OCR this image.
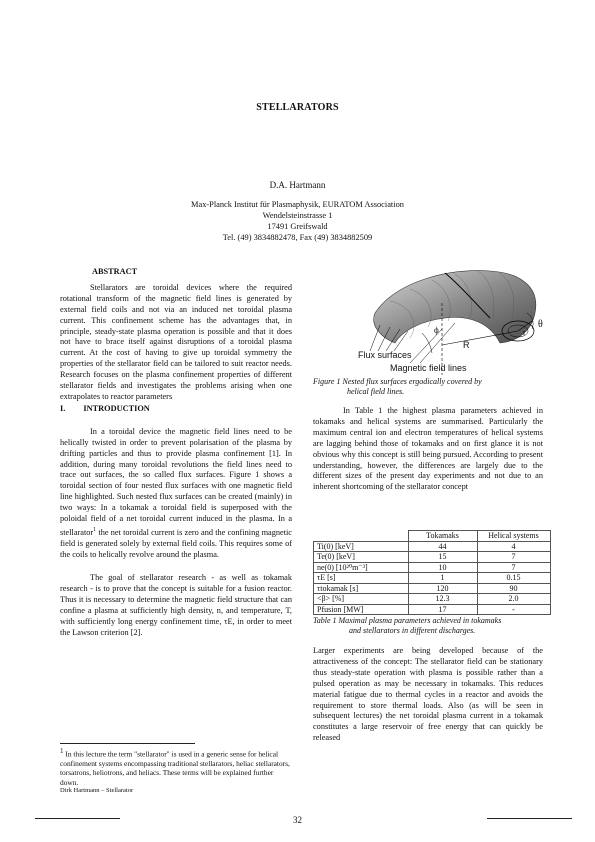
STELLARATORS
D.A. Hartmann
Max-Planck Institut für Plasmaphysik, EURATOM Association
Wendelsteinstrasse 1
17491 Greifswald
Tel. (49) 3834882478, Fax (49) 3834882509
ABSTRACT

Stellarators are toroidal devices where the required rotational transform of the magnetic field lines is generated by external field coils and not via an induced net toroidal plasma current. This confinement scheme has the advantages that, in principle, steady-state plasma operation is possible and that it does not have to brace itself against disruptions of a toroidal plasma current. At the cost of having to give up toroidal symmetry the properties of the stellarator field can be tailored to suit reactor needs. Research focuses on the plasma confinement properties of different stellarator fields and investigates the problems arising when one extrapolates to reactor parameters

I. INTRODUCTION

In a toroidal device the magnetic field lines need to be helically twisted in order to prevent polarisation of the plasma by drifting particles and thus to provide plasma confinement [1]. In addition, during many toroidal revolutions the field lines need to trace out surfaces, the so called flux surfaces. Figure 1 shows a toroidal section of four nested flux surfaces with one magnetic field line highlighted. Such nested flux surfaces can be created (mainly) in two ways: In a tokamak a toroidal field is superposed with the poloidal field of a net toroidal current induced in the plasma. In a stellarator$^1$ the net toroidal current is zero and the confining magnetic field is generated solely by external field coils. This requires some of the coils to helically revolve around the plasma.

The goal of stellarator research - as well as tokamak research - is to prove that the concept is suitable for a fusion reactor. Thus it is necessary to determine the magnetic field structure that can confine a plasma at sufficiently high density, n, and temperature, T, with sufficiently long energy confinement time, τE, in order to meet the Lawson criterion [2].

$^1$ In this lecture the term "stellarator" is used in a generic sense for helical confinement systems encompassing traditional stellarators, heliac stellarators, torsatrons, heliotrons, and heliacs. These terms will be explained further down.
Dirk Hartmann – Stellarator
Flux surfaces
Magnetic field lines
R
ϕ	r
θ
Figure 1 Nested flux surfaces ergodically covered by
helical field lines.

In Table 1 the highest plasma parameters achieved in tokamaks and helical systems are summarised. Particularly the maximum central ion and electron temperatures of helical systems are lagging behind those of tokamaks and on first glance it is not obvious why this concept is still being pursued. According to present understanding, however, the differences are largely due to the different sizes of the present day experiments and not due to an inherent shortcoming of the stellarator concept

	Tokamaks	Helical systems
Ti(0) [keV]	44	4
Te(0) [keV]	15	7
ne(0) [10²⁰m⁻³]	10	7
τE [s]	1	0.15
τtokamak [s]	120	90
<β> [%]	12.3	2.0
Pfusion [MW]	17	-
Table 1 Maximal plasma parameters achieved in tokamaks
and stellarators in different discharges.

Larger experiments are being developed because of the attractiveness of the concept: The stellarator field can be stationary thus steady-state operation with plasma is possible rather than a pulsed operation as may be necessary in tokamaks. This reduces material fatigue due to thermal cycles in a reactor and avoids the requirement to store thermal loads. Also (as will be seen in subsequent lectures) the net toroidal plasma current in a tokamak constitutes a large reservoir of free energy that can quickly be released

32
